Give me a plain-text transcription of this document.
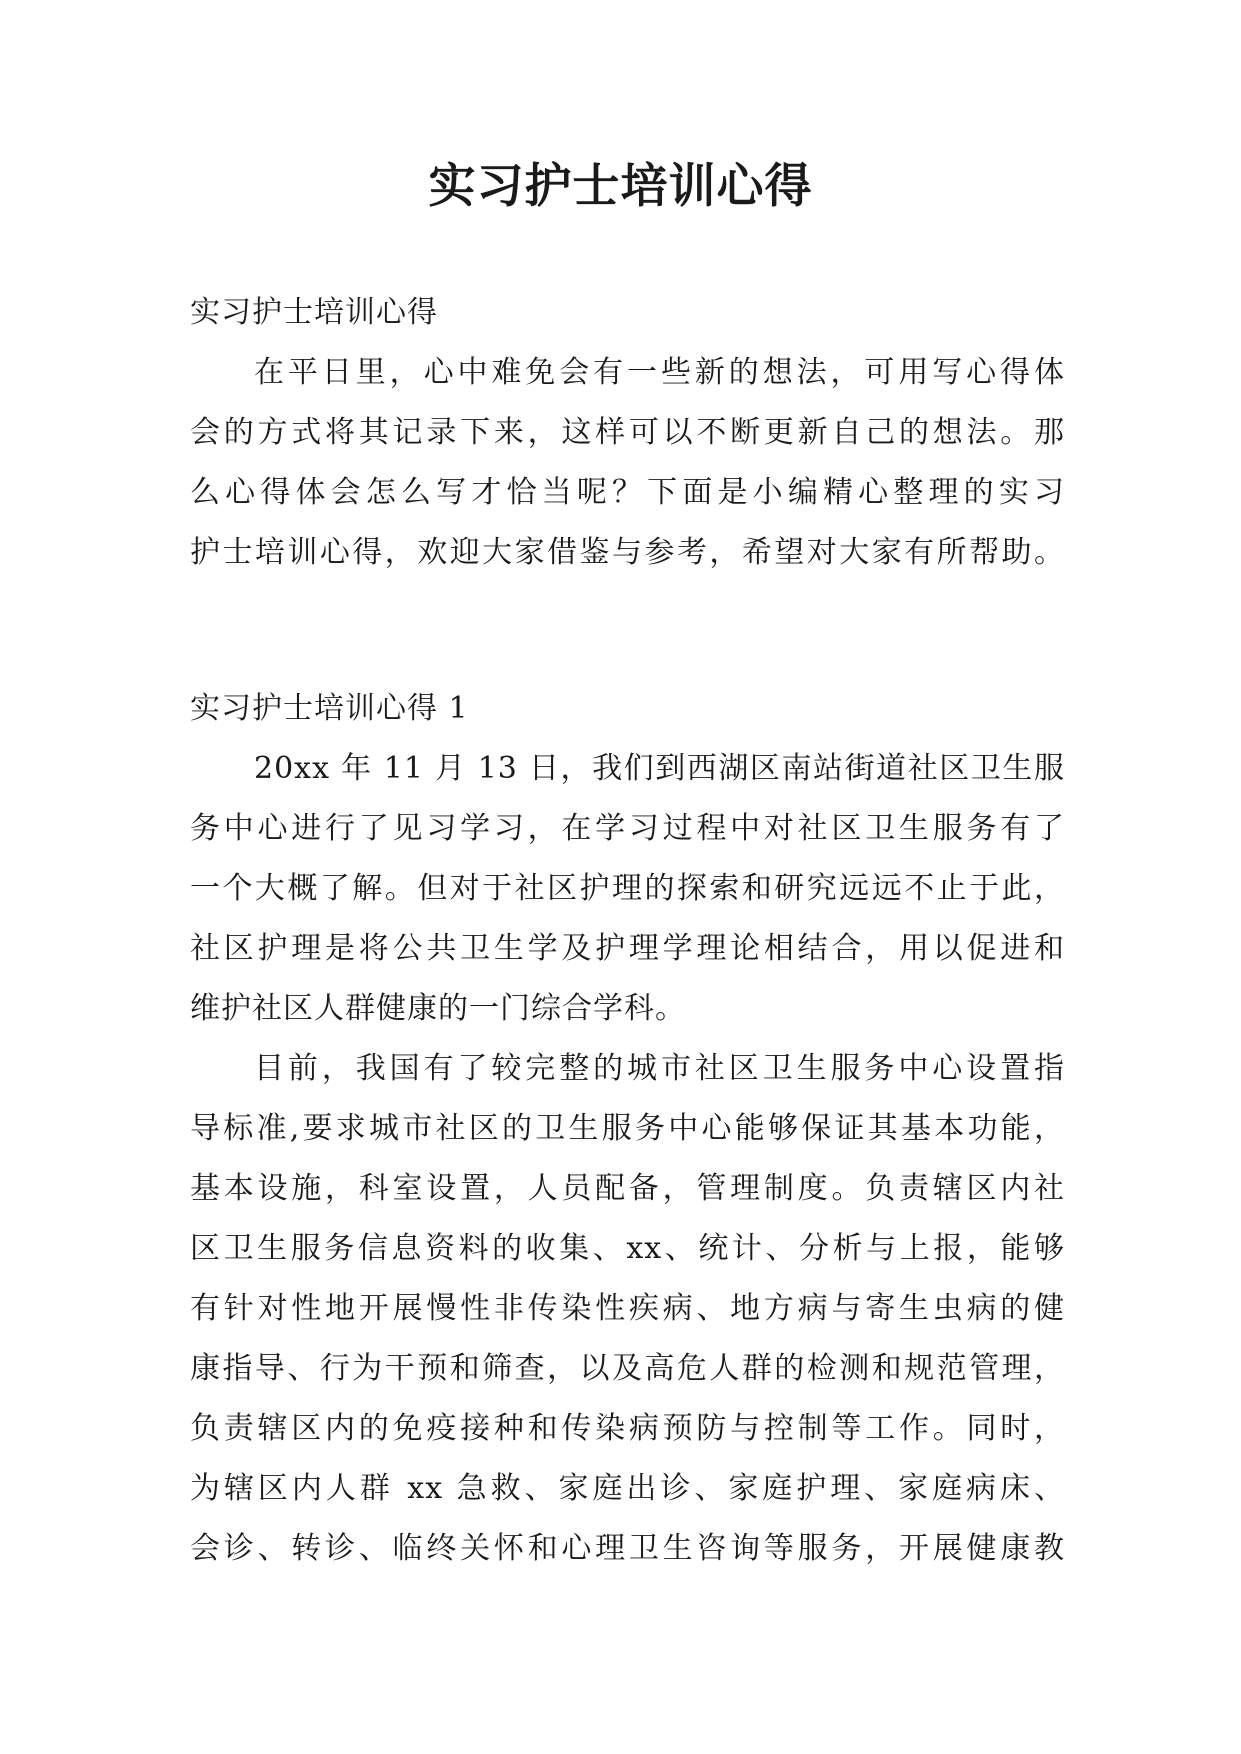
实习护士培训心得
实习护士培训心得
在平日里，心中难免会有一些新的想法，可用写心得体
会的方式将其记录下来，这样可以不断更新自己的想法。那
么心得体会怎么写才恰当呢？下面是小编精心整理的实习
护士培训心得，欢迎大家借鉴与参考，希望对大家有所帮助。
实习护士培训心得 1
20xx 年 11 月 13 日，我们到西湖区南站街道社区卫生服
务中心进行了见习学习，在学习过程中对社区卫生服务有了
一个大概了解。但对于社区护理的探索和研究远远不止于此，
社区护理是将公共卫生学及护理学理论相结合，用以促进和
维护社区人群健康的一门综合学科。
目前，我国有了较完整的城市社区卫生服务中心设置指
导标准,要求城市社区的卫生服务中心能够保证其基本功能，
基本设施，科室设置，人员配备，管理制度。负责辖区内社
区卫生服务信息资料的收集、xx、统计、分析与上报，能够
有针对性地开展慢性非传染性疾病、地方病与寄生虫病的健
康指导、行为干预和筛查，以及高危人群的检测和规范管理，
负责辖区内的免疫接种和传染病预防与控制等工作。同时，
为辖区内人群 xx 急救、家庭出诊、家庭护理、家庭病床、
会诊、转诊、临终关怀和心理卫生咨询等服务，开展健康教
